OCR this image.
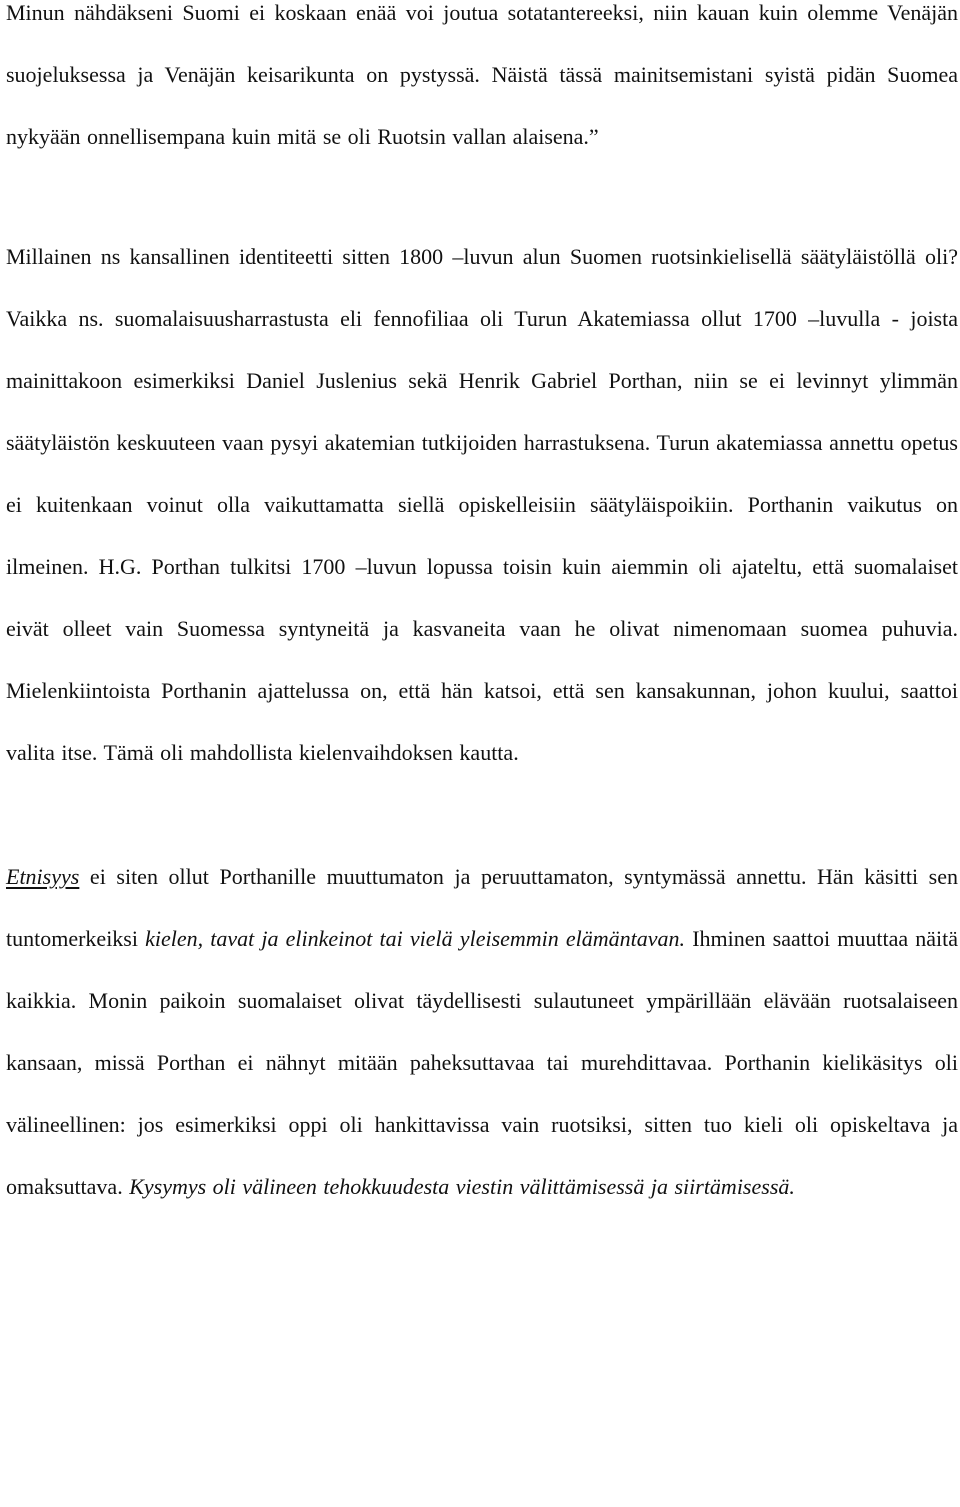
Minun nähdäkseni Suomi ei koskaan enää voi joutua sotatantereeksi, niin kauan kuin olemme Venäjän suojeluksessa ja Venäjän keisarikunta on pystyssä. Näistä tässä mainitsemistani syistä pidän Suomea nykyään onnellisempana kuin mitä se oli Ruotsin vallan alaisena.”

Millainen ns kansallinen identiteetti sitten 1800 –luvun alun Suomen ruotsinkielisellä säätyläistöllä oli? Vaikka ns. suomalaisuusharrastusta eli fennofiliaa oli Turun Akatemiassa ollut 1700 –luvulla - joista mainittakoon esimerkiksi Daniel Juslenius sekä Henrik Gabriel Porthan, niin se ei levinnyt ylimmän säätyläistön keskuuteen vaan pysyi akatemian tutkijoiden harrastuksena. Turun akatemiassa annettu opetus ei kuitenkaan voinut olla vaikuttamatta siellä opiskelleisiin säätyläispoikiin. Porthanin vaikutus on ilmeinen. H.G. Porthan tulkitsi 1700 –luvun lopussa toisin kuin aiemmin oli ajateltu, että suomalaiset eivät olleet vain Suomessa syntyneitä ja kasvaneita vaan he olivat nimenomaan suomea puhuvia. Mielenkiintoista Porthanin ajattelussa on, että hän katsoi, että sen kansakunnan, johon kuului, saattoi valita itse. Tämä oli mahdollista kielenvaihdoksen kautta.

Etnisyys ei siten ollut Porthanille muuttumaton ja peruuttamaton, syntymässä annettu. Hän käsitti sen tuntomerkeiksi kielen, tavat ja elinkeinot tai vielä yleisemmin elämäntavan. Ihminen saattoi muuttaa näitä kaikkia. Monin paikoin suomalaiset olivat täydellisesti sulautuneet ympärillään elävään ruotsalaiseen kansaan, missä Porthan ei nähnyt mitään paheksuttavaa tai murehdittavaa. Porthanin kielikäsitys oli välineellinen: jos esimerkiksi oppi oli hankittavissa vain ruotsiksi, sitten tuo kieli oli opiskeltava ja omaksuttava. Kysymys oli välineen tehokkuudesta viestin välittämisessä ja siirtämisessä.
